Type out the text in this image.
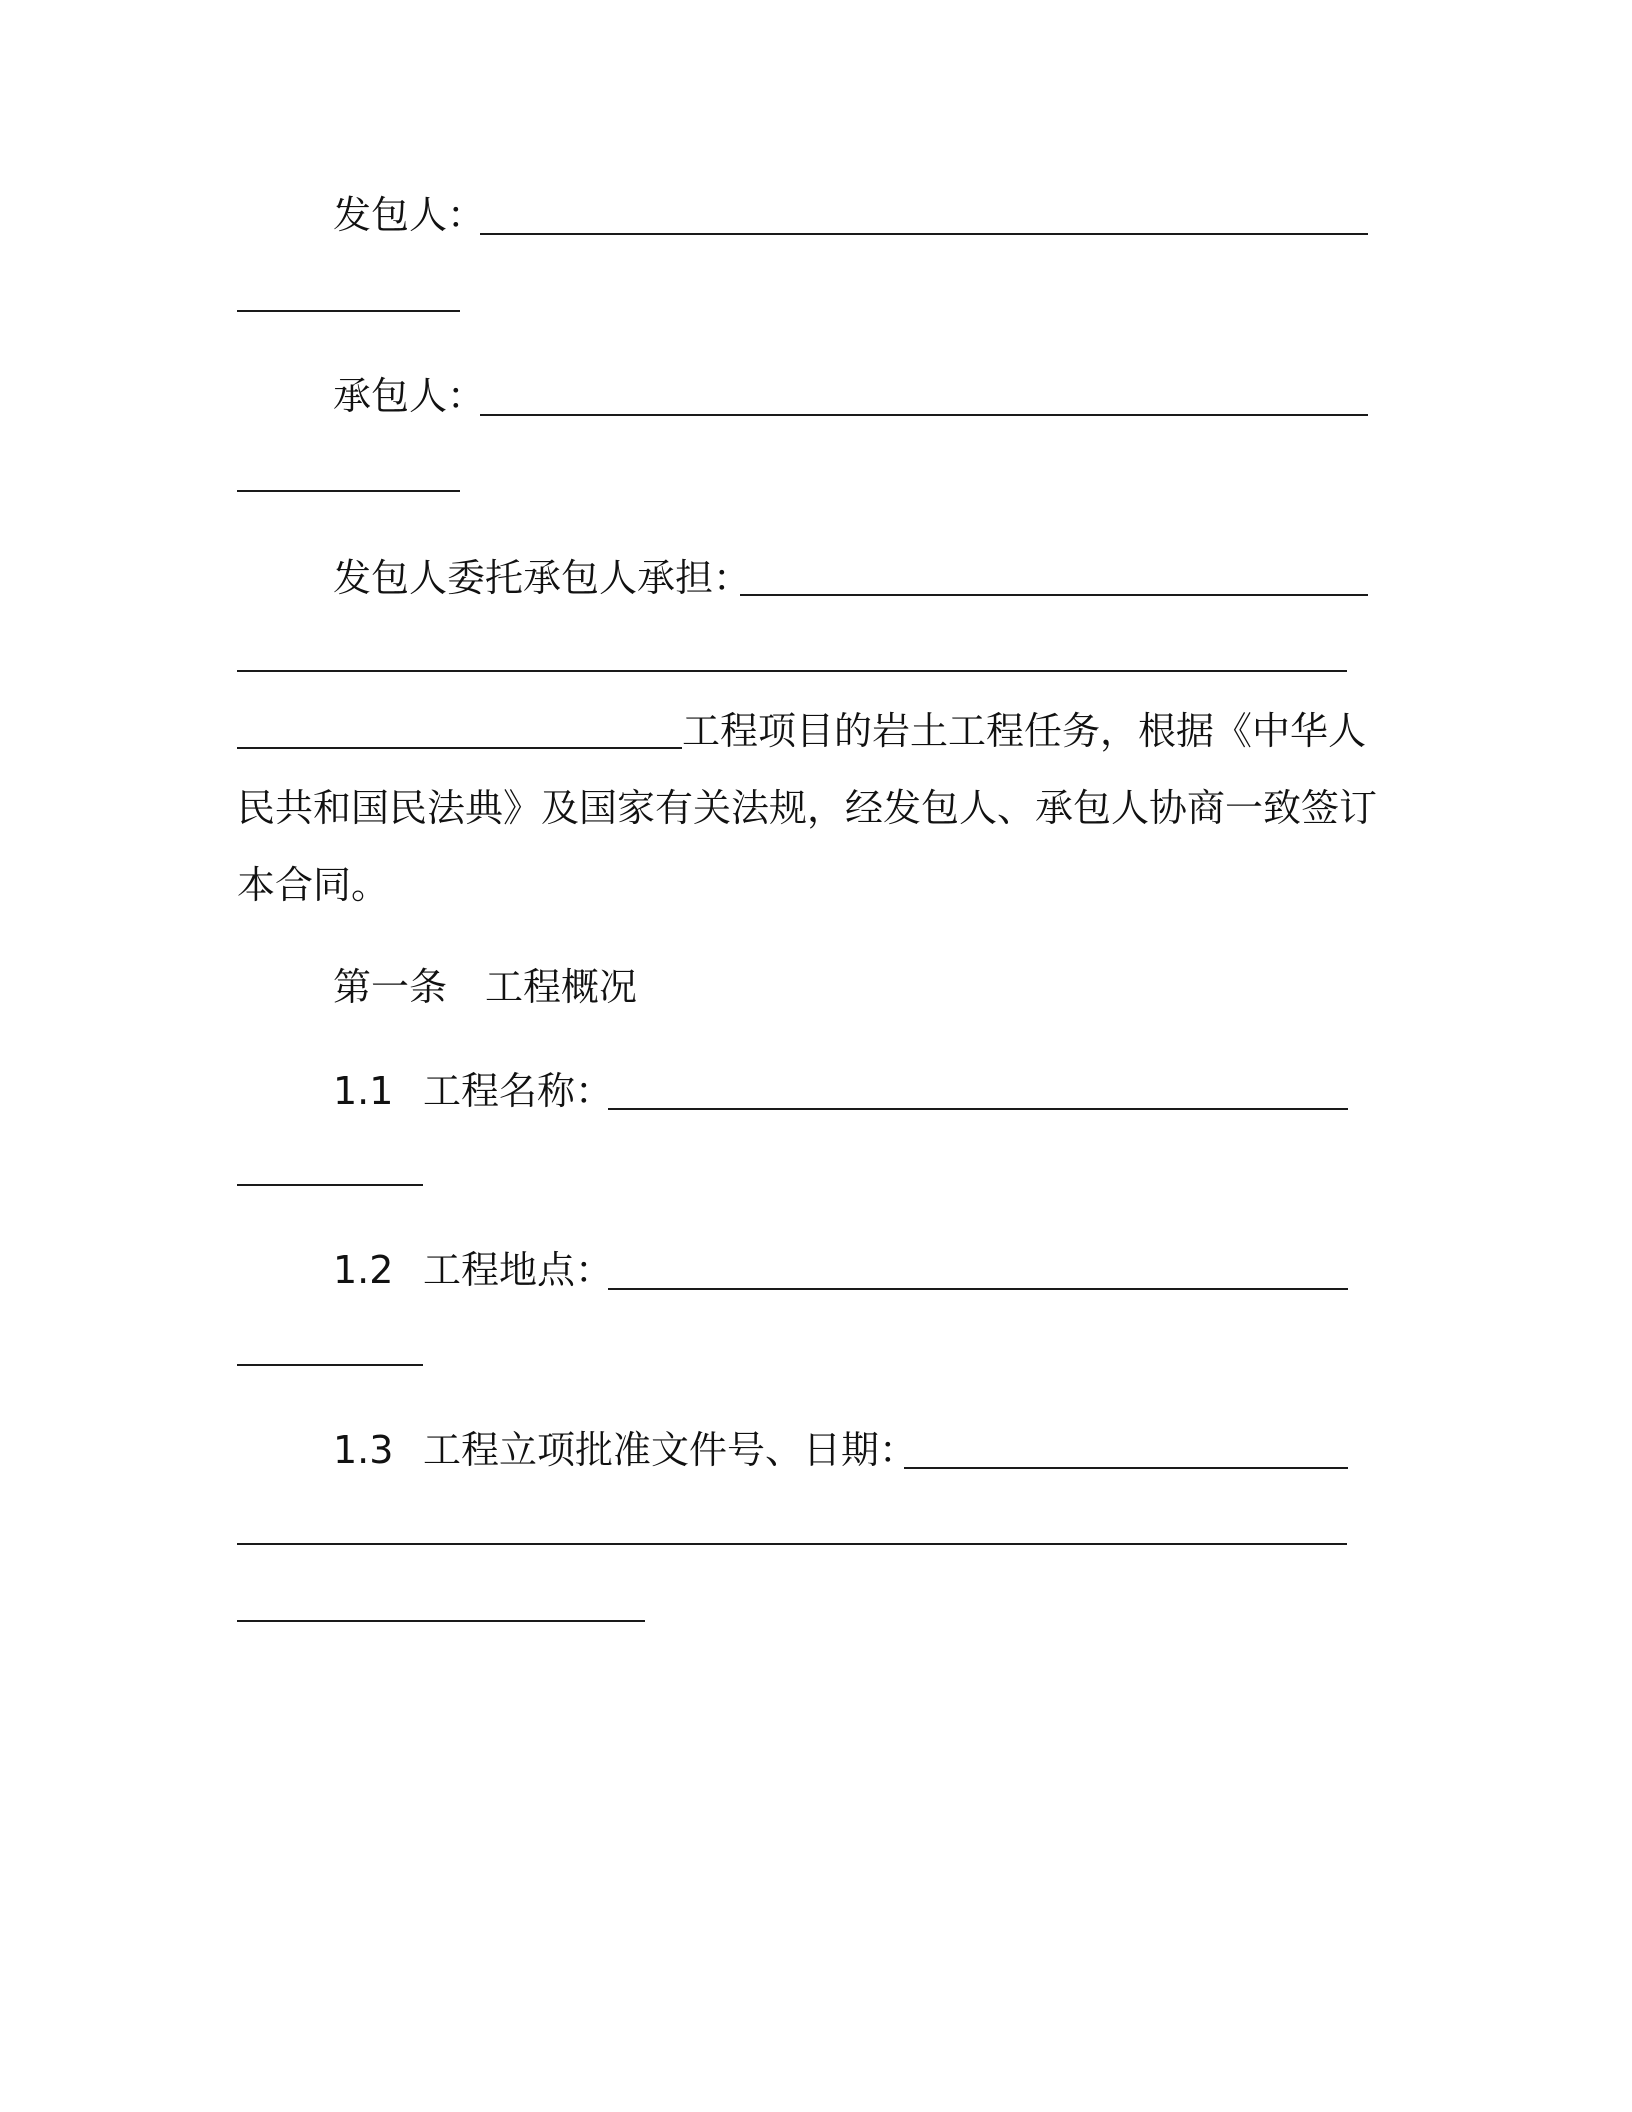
发包人：
承包人：
发包人委托承包人承担：
工程项目的岩土工程任务，根据《中华人
民共和国民法典》及国家有关法规，经发包人、承包人协商一致签订
本合同。
第一条　工程概况
1.1 工程名称：
1.2 工程地点：
1.3 工程立项批准文件号、日期：
